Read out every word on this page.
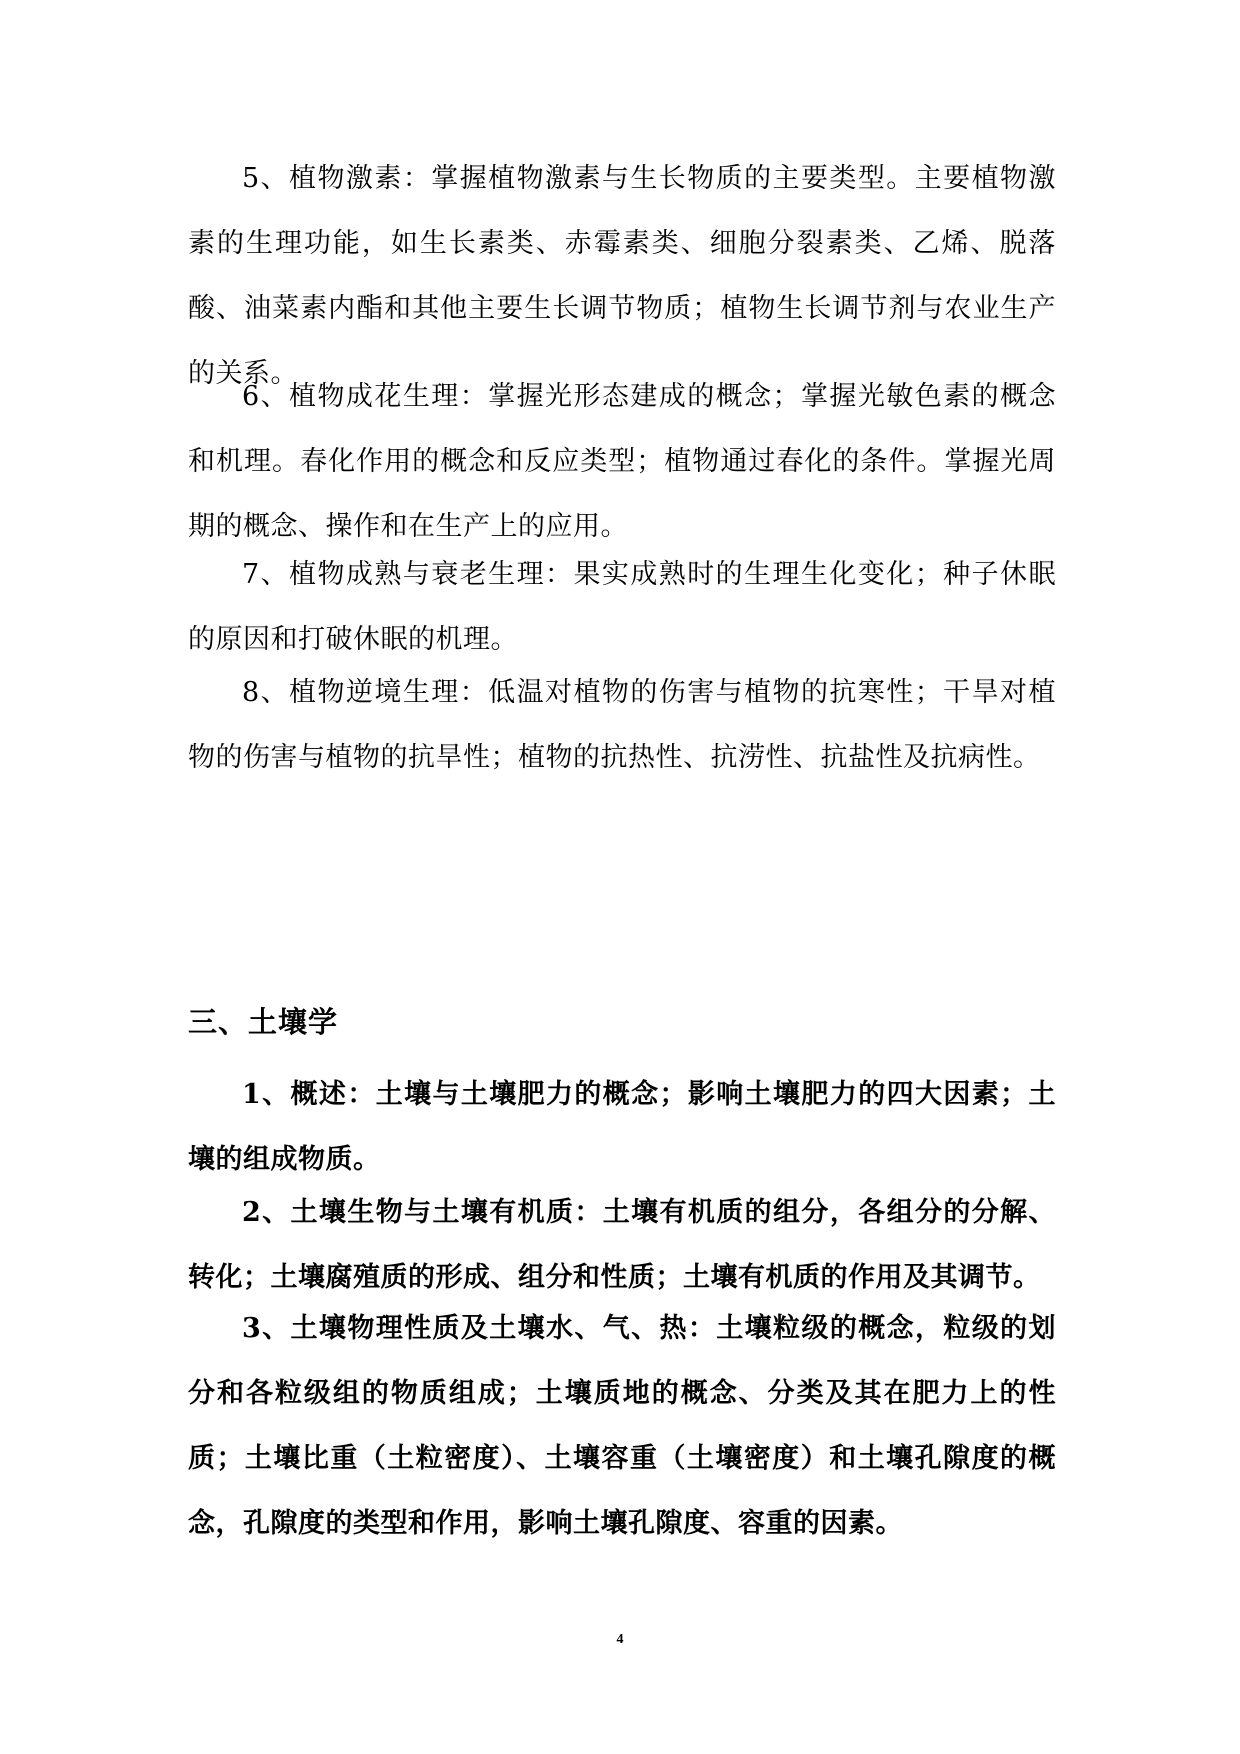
5、植物激素：掌握植物激素与生长物质的主要类型。主要植物激素的生理功能，如生长素类、赤霉素类、细胞分裂素类、乙烯、脱落酸、油菜素内酯和其他主要生长调节物质；植物生长调节剂与农业生产的关系。
6、植物成花生理：掌握光形态建成的概念；掌握光敏色素的概念和机理。春化作用的概念和反应类型；植物通过春化的条件。掌握光周期的概念、操作和在生产上的应用。
7、植物成熟与衰老生理：果实成熟时的生理生化变化；种子休眠的原因和打破休眠的机理。
8、植物逆境生理：低温对植物的伤害与植物的抗寒性；干旱对植物的伤害与植物的抗旱性；植物的抗热性、抗涝性、抗盐性及抗病性。
三、土壤学
1、概述：土壤与土壤肥力的概念；影响土壤肥力的四大因素；土壤的组成物质。
2、土壤生物与土壤有机质：土壤有机质的组分，各组分的分解、转化；土壤腐殖质的形成、组分和性质；土壤有机质的作用及其调节。
3、土壤物理性质及土壤水、气、热：土壤粒级的概念，粒级的划分和各粒级组的物质组成；土壤质地的概念、分类及其在肥力上的性质；土壤比重（土粒密度）、土壤容重（土壤密度）和土壤孔隙度的概念，孔隙度的类型和作用，影响土壤孔隙度、容重的因素。
4
